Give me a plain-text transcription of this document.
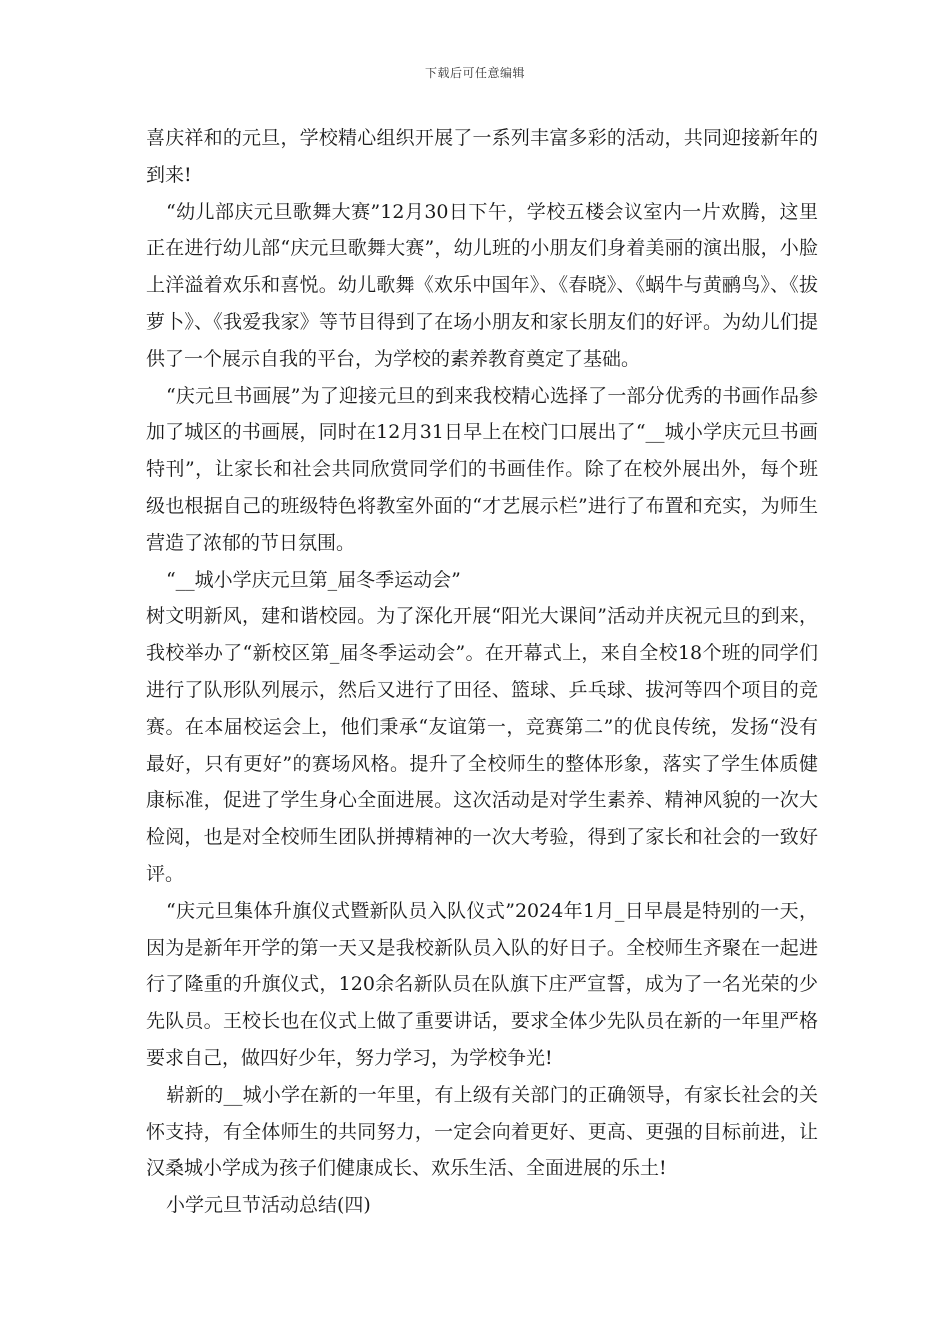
下载后可任意编辑

喜庆祥和的元旦，学校精心组织开展了一系列丰富多彩的活动，共同迎接新年的到来!

“幼儿部庆元旦歌舞大赛”12月30日下午，学校五楼会议室内一片欢腾，这里正在进行幼儿部“庆元旦歌舞大赛”，幼儿班的小朋友们身着美丽的演出服，小脸上洋溢着欢乐和喜悦。幼儿歌舞《欢乐中国年》、《春晓》、《蜗牛与黄鹂鸟》、《拔萝卜》、《我爱我家》等节目得到了在场小朋友和家长朋友们的好评。为幼儿们提供了一个展示自我的平台，为学校的素养教育奠定了基础。

“庆元旦书画展”为了迎接元旦的到来我校精心选择了一部分优秀的书画作品参加了城区的书画展，同时在12月31日早上在校门口展出了“__城小学庆元旦书画特刊”，让家长和社会共同欣赏同学们的书画佳作。除了在校外展出外，每个班级也根据自己的班级特色将教室外面的“才艺展示栏”进行了布置和充实，为师生营造了浓郁的节日氛围。

“__城小学庆元旦第_届冬季运动会”

树文明新风，建和谐校园。为了深化开展“阳光大课间”活动并庆祝元旦的到来，我校举办了“新校区第_届冬季运动会”。在开幕式上，来自全校18个班的同学们进行了队形队列展示，然后又进行了田径、篮球、乒乓球、拔河等四个项目的竞赛。在本届校运会上，他们秉承“友谊第一，竞赛第二”的优良传统，发扬“没有最好，只有更好”的赛场风格。提升了全校师生的整体形象，落实了学生体质健康标准，促进了学生身心全面进展。这次活动是对学生素养、精神风貌的一次大检阅，也是对全校师生团队拼搏精神的一次大考验，得到了家长和社会的一致好评。

“庆元旦集体升旗仪式暨新队员入队仪式”2024年1月_日早晨是特别的一天，因为是新年开学的第一天又是我校新队员入队的好日子。全校师生齐聚在一起进行了隆重的升旗仪式，120余名新队员在队旗下庄严宣誓，成为了一名光荣的少先队员。王校长也在仪式上做了重要讲话，要求全体少先队员在新的一年里严格要求自己，做四好少年，努力学习，为学校争光!

崭新的__城小学在新的一年里，有上级有关部门的正确领导，有家长社会的关怀支持，有全体师生的共同努力，一定会向着更好、更高、更强的目标前进，让汉桑城小学成为孩子们健康成长、欢乐生活、全面进展的乐土!

小学元旦节活动总结(四)
